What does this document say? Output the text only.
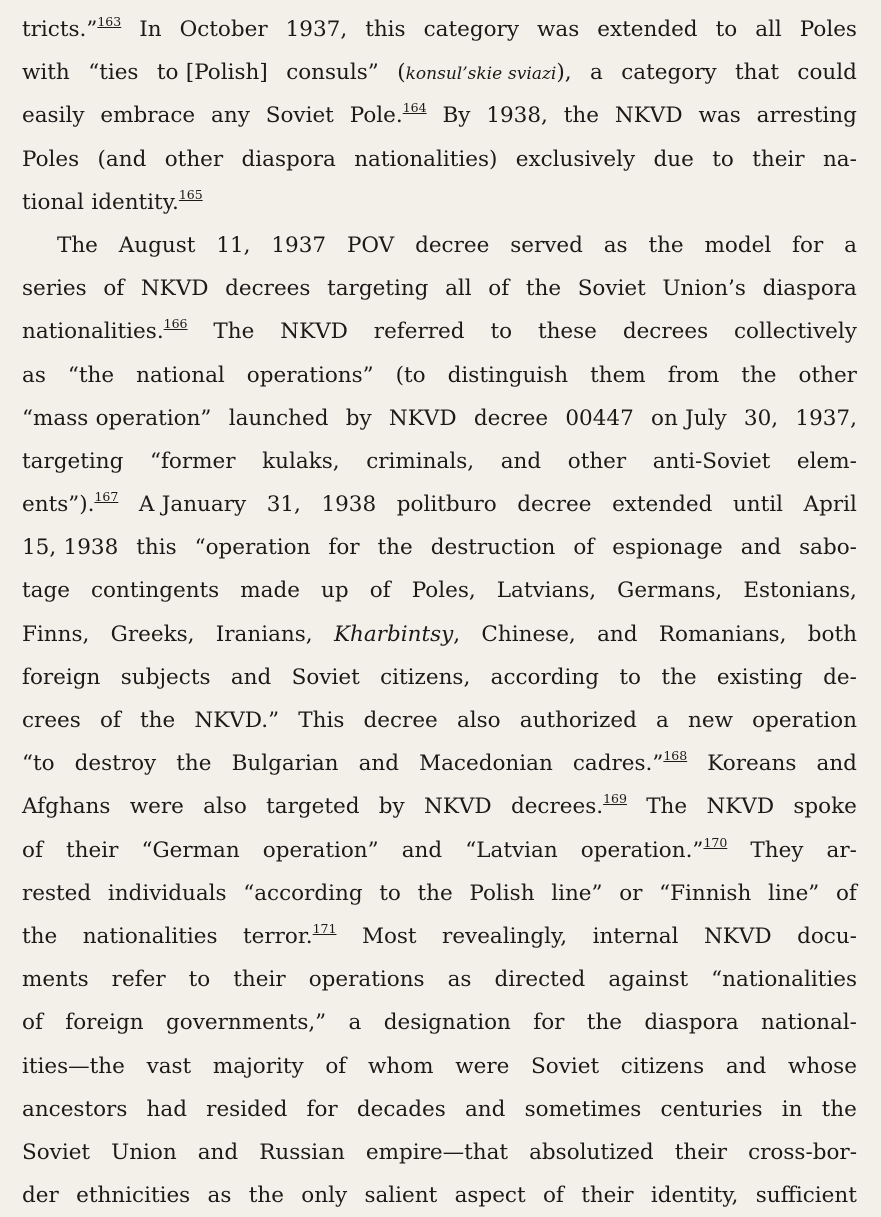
tricts.”$^{163}$ In October 1937, this category was extended to all Poles
with “ties to [Polish] consuls” (konsul’skie sviazi), a category that could
easily embrace any Soviet Pole.$^{164}$ By 1938, the NKVD was arresting
Poles (and other diaspora nationalities) exclusively due to their na-
tional identity.$^{165}$
The August 11, 1937 POV decree served as the model for a
series of NKVD decrees targeting all of the Soviet Union’s diaspora
nationalities.$^{166}$ The NKVD referred to these decrees collectively
as “the national operations” (to distinguish them from the other
“mass operation” launched by NKVD decree 00447 on July 30, 1937,
targeting “former kulaks, criminals, and other anti-Soviet elem-
ents”).$^{167}$ A January 31, 1938 politburo decree extended until April
15, 1938 this “operation for the destruction of espionage and sabo-
tage contingents made up of Poles, Latvians, Germans, Estonians,
Finns, Greeks, Iranians, Kharbintsy, Chinese, and Romanians, both
foreign subjects and Soviet citizens, according to the existing de-
crees of the NKVD.” This decree also authorized a new operation
“to destroy the Bulgarian and Macedonian cadres.”$^{168}$ Koreans and
Afghans were also targeted by NKVD decrees.$^{169}$ The NKVD spoke
of their “German operation” and “Latvian operation.”$^{170}$ They ar-
rested individuals “according to the Polish line” or “Finnish line” of
the nationalities terror.$^{171}$ Most revealingly, internal NKVD docu-
ments refer to their operations as directed against “nationalities
of foreign governments,” a designation for the diaspora national-
ities—the vast majority of whom were Soviet citizens and whose
ancestors had resided for decades and sometimes centuries in the
Soviet Union and Russian empire—that absolutized their cross-bor-
der ethnicities as the only salient aspect of their identity, sufficient
